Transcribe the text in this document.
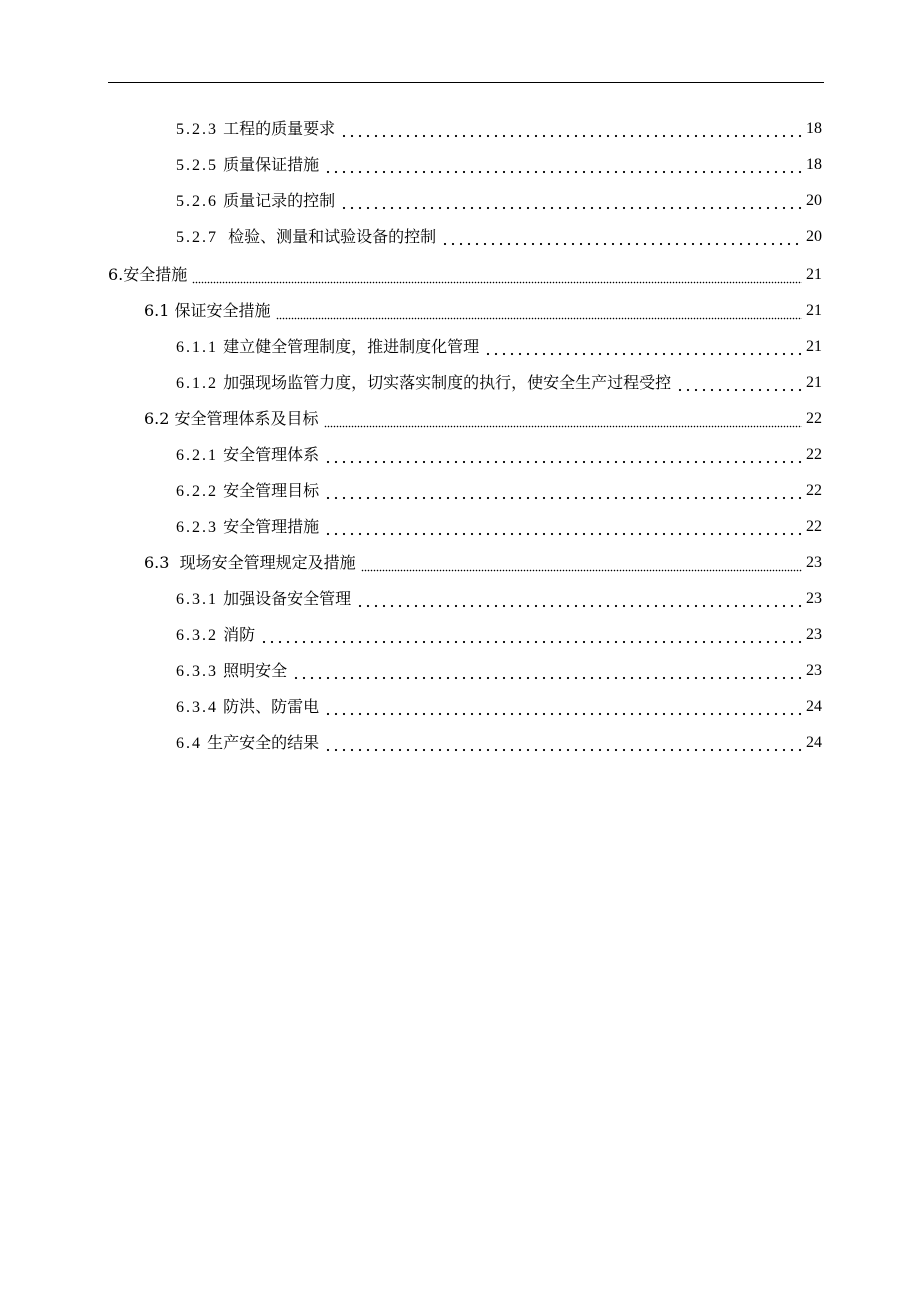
5.2.3 工程的质量要求	18
5.2.5 质量保证措施	18
5.2.6 质量记录的控制	20
5.2.7  检验、测量和试验设备的控制	20
6.安全措施	21
6.1 保证安全措施	21
6.1.1 建立健全管理制度，推进制度化管理	21
6.1.2 加强现场监管力度，切实落实制度的执行，使安全生产过程受控	21
6.2 安全管理体系及目标	22
6.2.1 安全管理体系	22
6.2.2 安全管理目标	22
6.2.3 安全管理措施	22
6.3  现场安全管理规定及措施	23
6.3.1 加强设备安全管理	23
6.3.2 消防	23
6.3.3 照明安全	23
6.3.4 防洪、防雷电	24
6.4 生产安全的结果	24
